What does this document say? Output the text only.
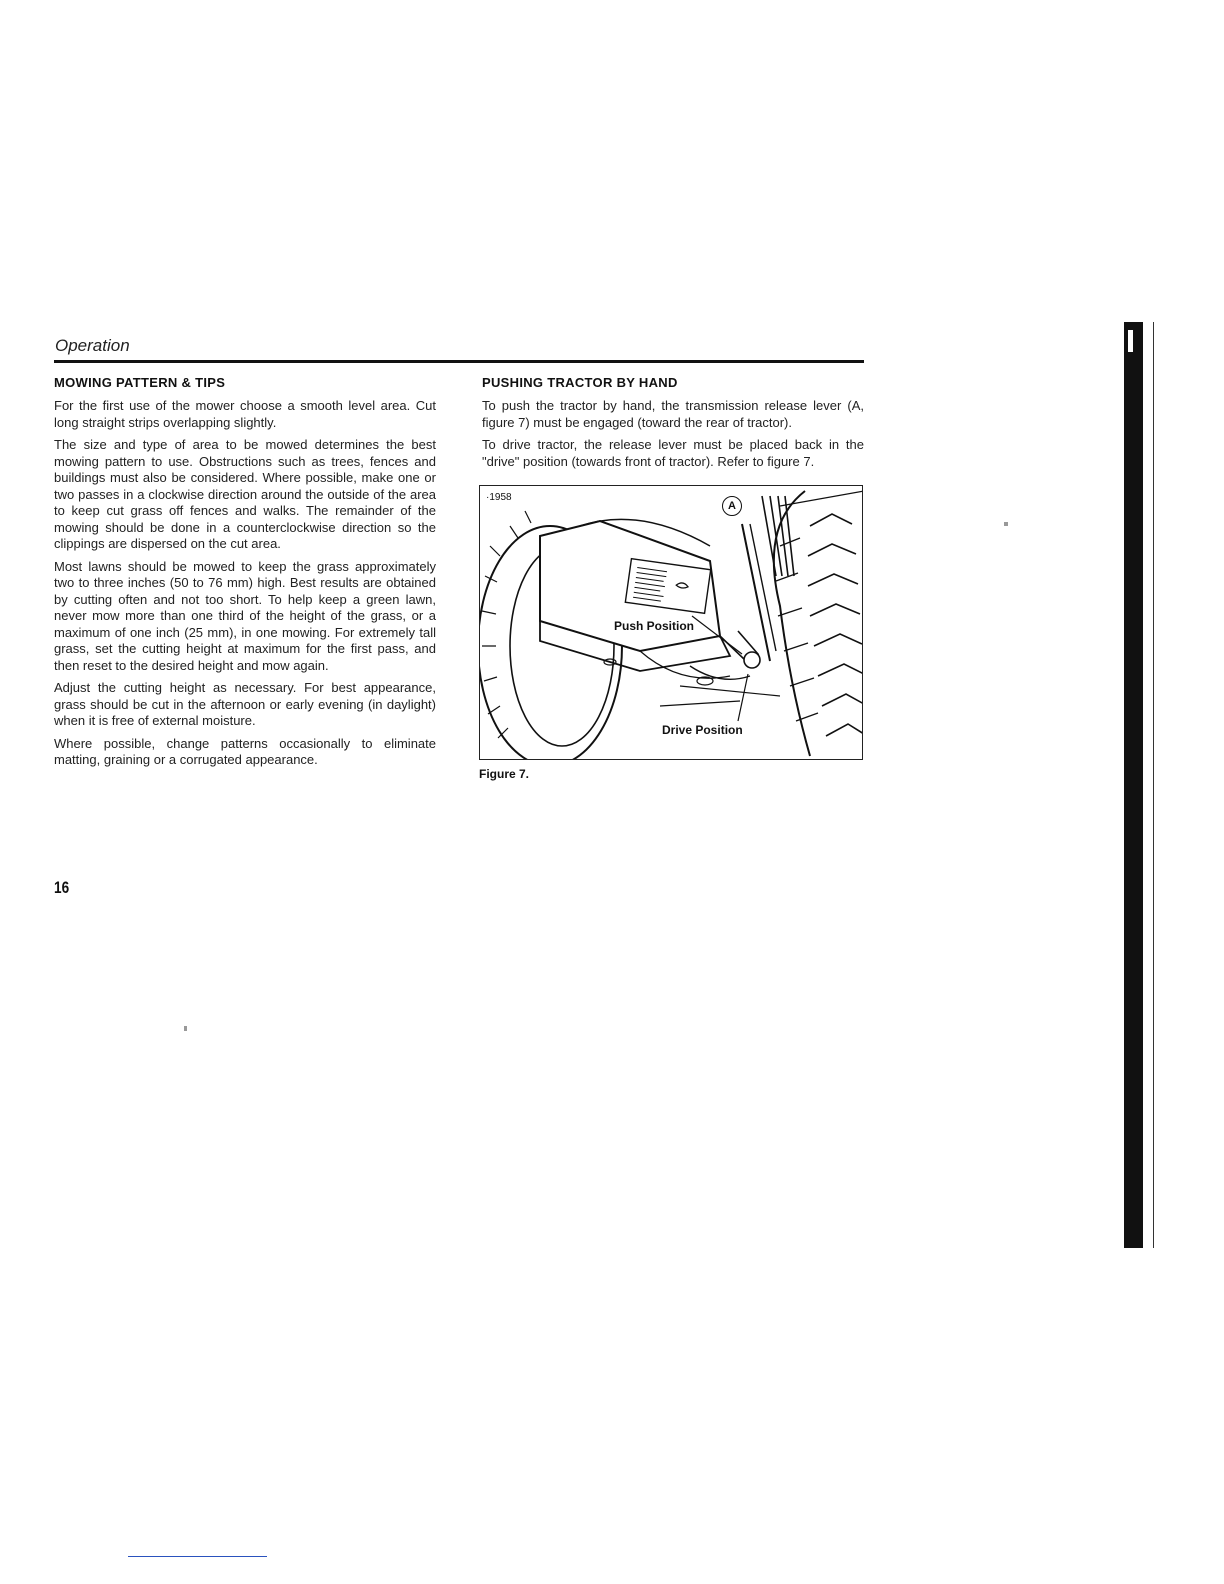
Operation
MOWING PATTERN & TIPS

For the first use of the mower choose a smooth level area. Cut long straight strips overlapping slightly.

The size and type of area to be mowed determines the best mowing pattern to use. Obstructions such as trees, fences and buildings must also be considered. Where possible, make one or two passes in a clockwise direction around the outside of the area to keep cut grass off fences and walks. The remainder of the mowing should be done in a counterclockwise direction so the clippings are dispersed on the cut area.

Most lawns should be mowed to keep the grass approximately two to three inches (50 to 76 mm) high. Best results are obtained by cutting often and not too short. To help keep a green lawn, never mow more than one third of the height of the grass, or a maximum of one inch (25 mm), in one mowing. For extremely tall grass, set the cutting height at maximum for the first pass, and then reset to the desired height and mow again.

Adjust the cutting height as necessary. For best appearance, grass should be cut in the afternoon or early evening (in daylight) when it is free of external moisture.

Where possible, change patterns occasionally to eliminate matting, graining or a corrugated appearance.

PUSHING TRACTOR BY HAND

To push the tractor by hand, the transmission release lever (A, figure 7) must be engaged (toward the rear of tractor).

To drive tractor, the release lever must be placed back in the "drive" position (towards front of tractor). Refer to figure 7.

·1958
A
Push Position
Drive Position
Figure 7.
16
